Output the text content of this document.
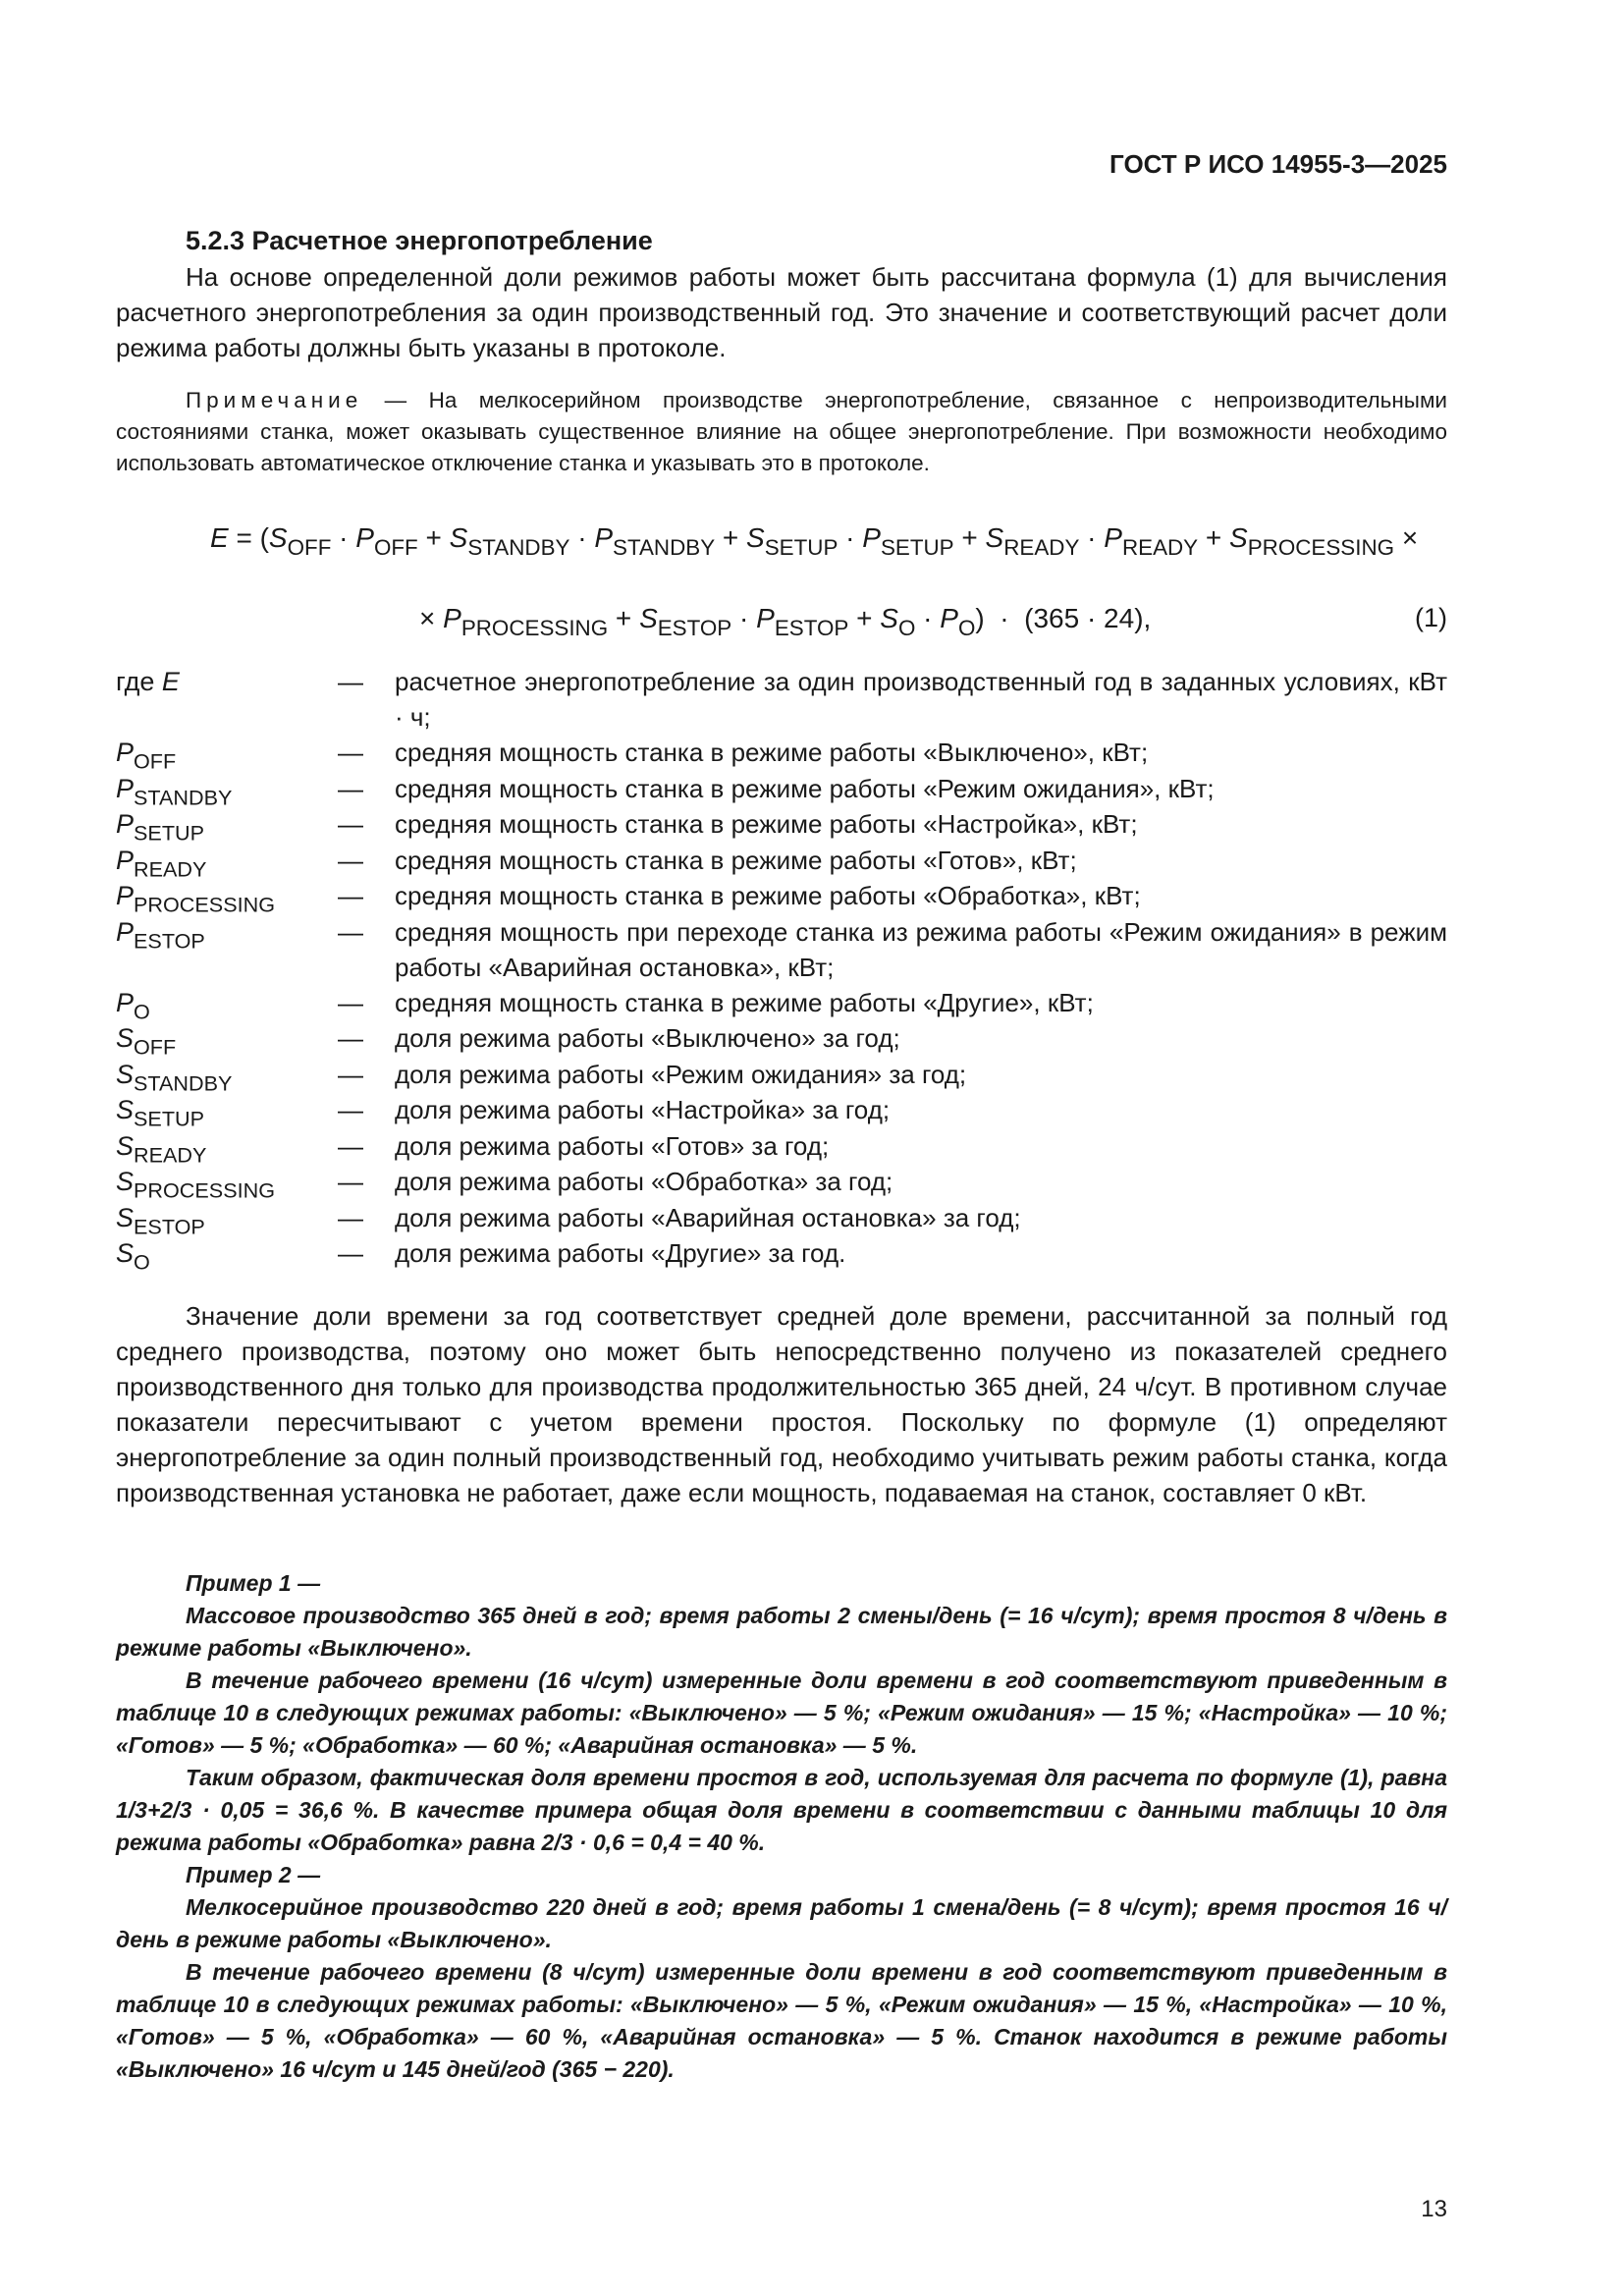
ГОСТ Р ИСО 14955-3—2025
5.2.3 Расчетное энергопотребление
На основе определенной доли режимов работы может быть рассчитана формула (1) для вычисления расчетного энергопотребления за один производственный год. Это значение и соответствующий расчет доли режима работы должны быть указаны в протоколе.
Примечание — На мелкосерийном производстве энергопотребление, связанное с непроизводительными состояниями станка, может оказывать существенное влияние на общее энергопотребление. При возможности необходимо использовать автоматическое отключение станка и указывать это в протоколе.
$E = (S_{OFF} \cdot P_{OFF} + S_{STANDBY} \cdot P_{STANDBY} + S_{SETUP} \cdot P_{SETUP} + S_{READY} \cdot P_{READY} + S_{PROCESSING}$ ×
× $P_{PROCESSING} + S_{ESTOP} \cdot P_{ESTOP} + S_O \cdot P_O) \cdot (365 \cdot 24)$,	(1)
где E	— расчетное энергопотребление за один производственный год в заданных условиях, кВт · ч;
$P_{OFF}$	— средняя мощность станка в режиме работы «Выключено», кВт;
$P_{STANDBY}$	— средняя мощность станка в режиме работы «Режим ожидания», кВт;
$P_{SETUP}$	— средняя мощность станка в режиме работы «Настройка», кВт;
$P_{READY}$	— средняя мощность станка в режиме работы «Готов», кВт;
$P_{PROCESSING}$	— средняя мощность станка в режиме работы «Обработка», кВт;
$P_{ESTOP}$	— средняя мощность при переходе станка из режима работы «Режим ожидания» в режим работы «Аварийная остановка», кВт;
$P_O$	— средняя мощность станка в режиме работы «Другие», кВт;
$S_{OFF}$	— доля режима работы «Выключено» за год;
$S_{STANDBY}$	— доля режима работы «Режим ожидания» за год;
$S_{SETUP}$	— доля режима работы «Настройка» за год;
$S_{READY}$	— доля режима работы «Готов» за год;
$S_{PROCESSING}$	— доля режима работы «Обработка» за год;
$S_{ESTOP}$	— доля режима работы «Аварийная остановка» за год;
$S_O$	— доля режима работы «Другие» за год.
Значение доли времени за год соответствует средней доле времени, рассчитанной за полный год среднего производства, поэтому оно может быть непосредственно получено из показателей среднего производственного дня только для производства продолжительностью 365 дней, 24 ч/сут. В противном случае показатели пересчитывают с учетом времени простоя. Поскольку по формуле (1) определяют энергопотребление за один полный производственный год, необходимо учитывать режим работы станка, когда производственная установка не работает, даже если мощность, подаваемая на станок, составляет 0 кВт.

Пример 1 —

Массовое производство 365 дней в год; время работы 2 смены/день (= 16 ч/сут); время простоя 8 ч/день в режиме работы «Выключено».

В течение рабочего времени (16 ч/сут) измеренные доли времени в год соответствуют приведенным в таблице 10 в следующих режимах работы: «Выключено» — 5 %; «Режим ожидания» — 15 %; «Настройка» — 10 %; «Готов» — 5 %; «Обработка» — 60 %; «Аварийная остановка» — 5 %.

Таким образом, фактическая доля времени простоя в год, используемая для расчета по формуле (1), равна 1/3+2/3 · 0,05 = 36,6 %. В качестве примера общая доля времени в соответствии с данными таблицы 10 для режима работы «Обработка» равна 2/3 · 0,6 = 0,4 = 40 %.

Пример 2 —

Мелкосерийное производство 220 дней в год; время работы 1 смена/день (= 8 ч/сут); время простоя 16 ч/день в режиме работы «Выключено».

В течение рабочего времени (8 ч/сут) измеренные доли времени в год соответствуют приведенным в таблице 10 в следующих режимах работы: «Выключено» — 5 %, «Режим ожидания» — 15 %, «Настройка» — 10 %, «Готов» — 5 %, «Обработка» — 60 %, «Аварийная остановка» — 5 %. Станок находится в режиме работы «Выключено» 16 ч/сут и 145 дней/год (365 − 220).

13
